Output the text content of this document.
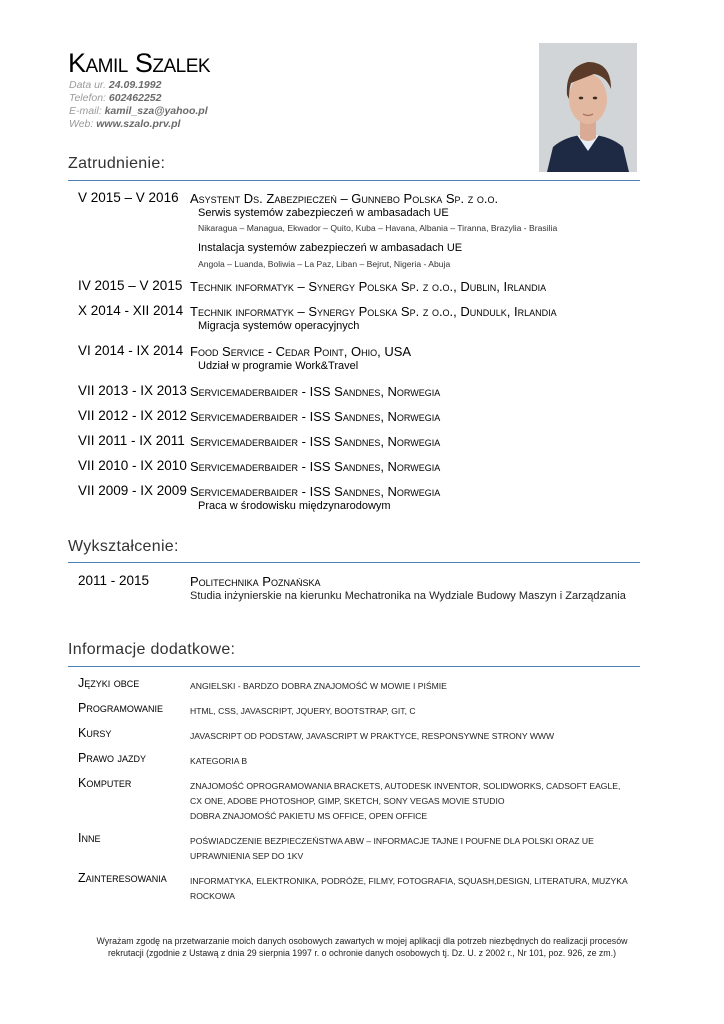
Kamil Szalek
Data ur. 24.09.1992
Telefon: 602462252
E-mail: kamil_sza@yahoo.pl
Web: www.szalo.prv.pl
Zatrudnienie:
V 2015 – V 2016 Asystent Ds. Zabezpieczeń – Gunnebo Polska Sp. z o.o.
Serwis systemów zabezpieczeń w ambasadach UE
Nikaragua – Managua, Ekwador – Quito, Kuba – Havana, Albania – Tiranna, Brazylia - Brasilia
Instalacja systemów zabezpieczeń w ambasadach UE
Angola – Luanda, Boliwia – La Paz, Liban – Bejrut, Nigeria - Abuja
IV 2015 – V 2015 Technik informatyk – Synergy Polska Sp. z o.o., Dublin, Irlandia
X 2014 - XII 2014 Technik informatyk – Synergy Polska Sp. z o.o., Dundulk, Irlandia
Migracja systemów operacyjnych
VI 2014 - IX 2014 Food Service - Cedar Point, Ohio, USA
Udział w programie Work&Travel
VII 2013 - IX 2013 Servicemaderbaider - ISS Sandnes, Norwegia
VII 2012 - IX 2012 Servicemaderbaider - ISS Sandnes, Norwegia
VII 2011 - IX 2011 Servicemaderbaider - ISS Sandnes, Norwegia
VII 2010 - IX 2010 Servicemaderbaider - ISS Sandnes, Norwegia
VII 2009 - IX 2009 Servicemaderbaider - ISS Sandnes, Norwegia
Praca w środowisku międzynarodowym
Wykształcenie:
2011 - 2015	Politechnika Poznańska
Studia inżynierskie na kierunku Mechatronika na Wydziale Budowy Maszyn i Zarządzania
Informacje dodatkowe:
Języki obce	ANGIELSKI - BARDZO DOBRA ZNAJOMOŚĆ W MOWIE I PIŚMIE
Programowanie	HTML, CSS, JAVASCRIPT, JQUERY, BOOTSTRAP, GIT, C
Kursy	JAVASCRIPT OD PODSTAW, JAVASCRIPT W PRAKTYCE, RESPONSYWNE STRONY WWW
Prawo jazdy	KATEGORIA B
Komputer	ZNAJOMOŚĆ OPROGRAMOWANIA BRACKETS, AUTODESK INVENTOR, SOLIDWORKS, CADSOFT EAGLE, CX ONE, ADOBE PHOTOSHOP, GIMP, SKETCH, SONY VEGAS MOVIE STUDIO
DOBRA ZNAJOMOŚĆ PAKIETU MS OFFICE, OPEN OFFICE
Inne	POŚWIADCZENIE BEZPIECZEŃSTWA ABW – INFORMACJE TAJNE I POUFNE DLA POLSKI ORAZ UE
UPRAWNIENIA SEP DO 1KV
Zainteresowania	INFORMATYKA, ELEKTRONIKA, PODRÓŻE, FILMY, FOTOGRAFIA, SQUASH,DESIGN, LITERATURA, MUZYKA ROCKOWA
Wyrażam zgodę na przetwarzanie moich danych osobowych zawartych w mojej aplikacji dla potrzeb niezbędnych do realizacji procesów rekrutacji (zgodnie z Ustawą z dnia 29 sierpnia 1997 r. o ochronie danych osobowych tj. Dz. U. z 2002 r., Nr 101, poz. 926, ze zm.)
